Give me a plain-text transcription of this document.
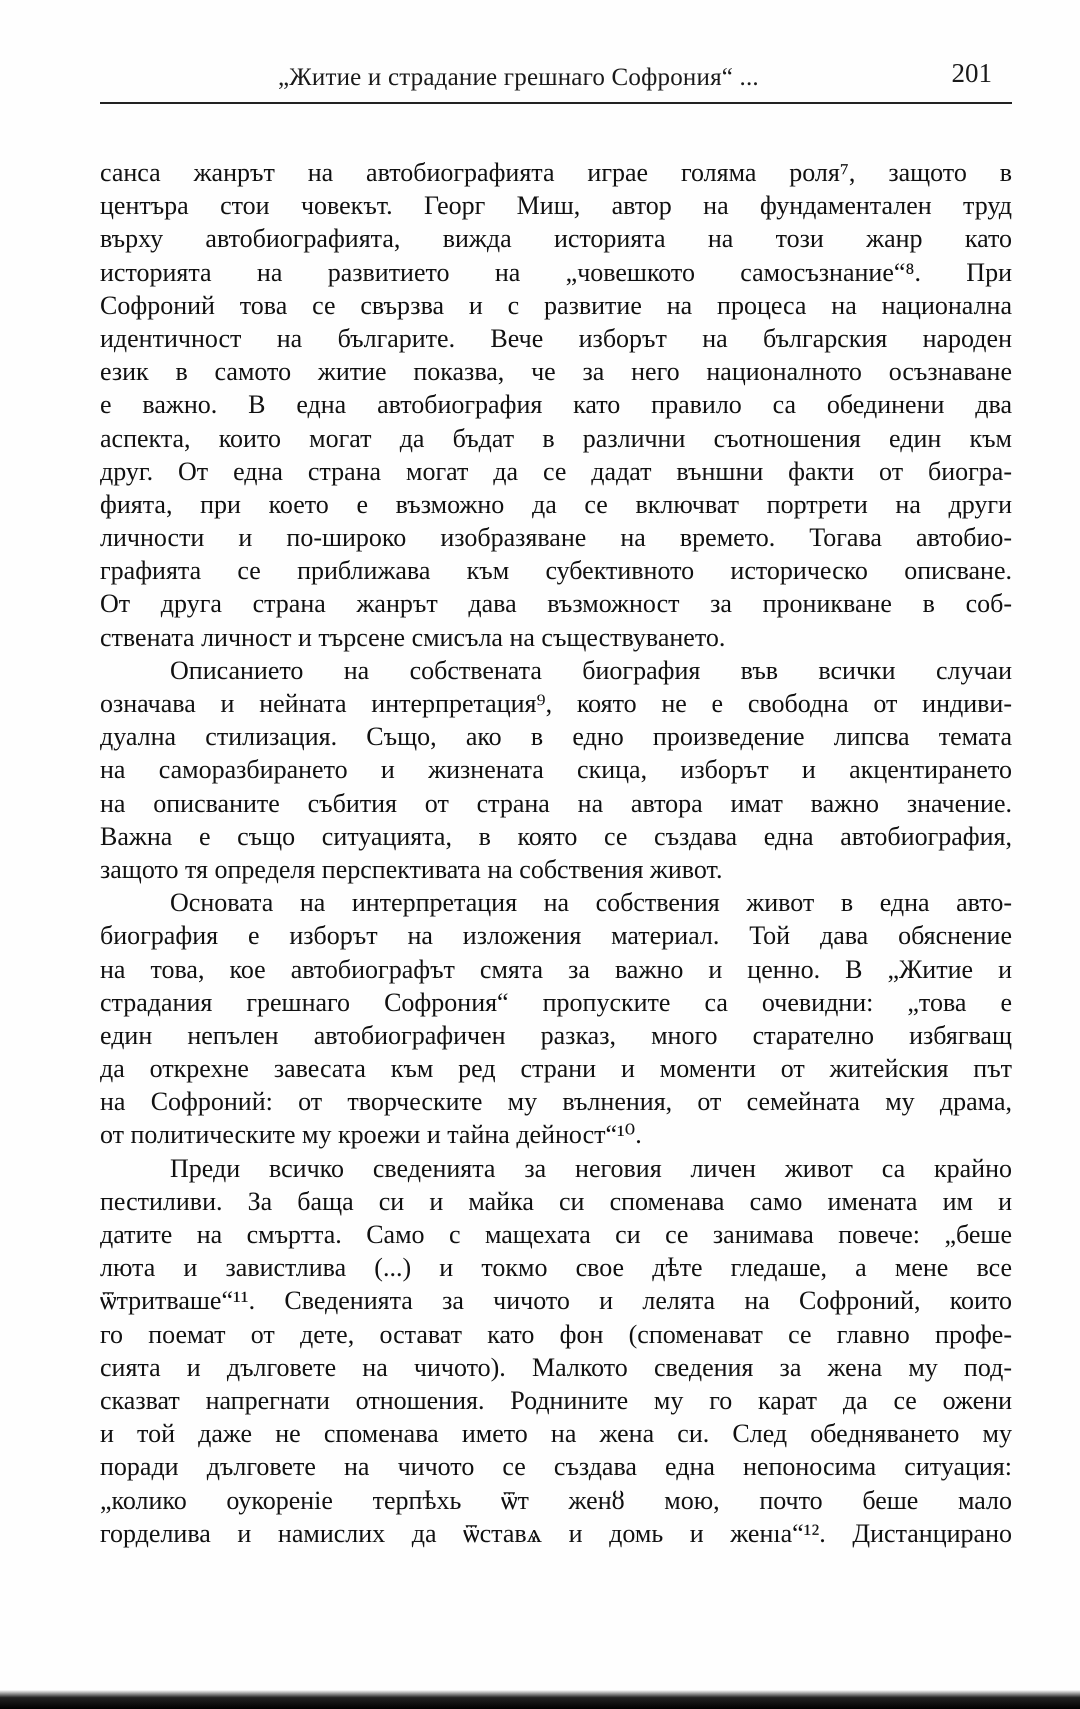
„Житие и страдание грешнаго Софрония“ ...	201
санса жанрът на автобиографията играе голяма роля⁷, защото в
центъра стои човекът. Георг Миш, автор на фундаментален труд
върху автобиографията, вижда историята на този жанр като
историята на развитието на „човешкото самосъзнание“⁸. При
Софроний това се свързва и с развитие на процеса на национална
идентичност на българите. Вече изборът на българския народен
език в самото житие показва, че за него националното осъзнаване
е важно. В една автобиография като правило са обединени два
аспекта, които могат да бъдат в различни съотношения един към
друг. От една страна могат да се дадат външни факти от биогра-
фията, при което е възможно да се включват портрети на други
личности и по-широко изобразяване на времето. Тогава автобио-
графията се приближава към субективното историческо описване.
От друга страна жанрът дава възможност за проникване в соб-
ствената личност и търсене смисъла на съществуването.
Описанието на собствената биография във всички случаи
означава и нейната интерпретация⁹, която не е свободна от индиви-
дуална стилизация. Също, ако в едно произведение липсва темата
на саморазбирането и жизнената скица, изборът и акцентирането
на описваните събития от страна на автора имат важно значение.
Важна е също ситуацията, в която се създава една автобиография,
защото тя определя перспективата на собствения живот.
Основата на интерпретация на собствения живот в една авто-
биография е изборът на изложения материал. Той дава обяснение
на това, кое автобиографът смята за важно и ценно. В „Житие и
страдания грешнаго Софрония“ пропуските са очевидни: „това е
един непълен автобиографичен разказ, много старателно избягващ
да открехне завесата към ред страни и моменти от житейския път
на Софроний: от творческите му вълнения, от семейната му драма,
от политическите му кроежи и тайна дейност“¹⁰.
Преди всичко сведенията за неговия личен живот са крайно
пестиливи. За баща си и майка си споменава само имената им и
датите на смъртта. Само с мащехата си се занимава повече: „беше
люта и завистлива (...) и токмо свое дѣте гледаше, а мене все
ѿтритваше“¹¹. Сведенията за чичото и лелята на Софроний, които
го поемат от дете, остават като фон (споменават се главно профе-
сията и дълговете на чичото). Малкото сведения за жена му под-
сказват напрегнати отношения. Роднините му го карат да се ожени
и той даже не споменава името на жена си. След обедняването му
поради дълговете на чичото се създава една непоносима ситуация:
„колико оукореніе терпѣхь ѿт женȣ мою, почто беше мало
горделива и намислих да ѿставѧ и домь и женıа“¹². Дистанцирано
